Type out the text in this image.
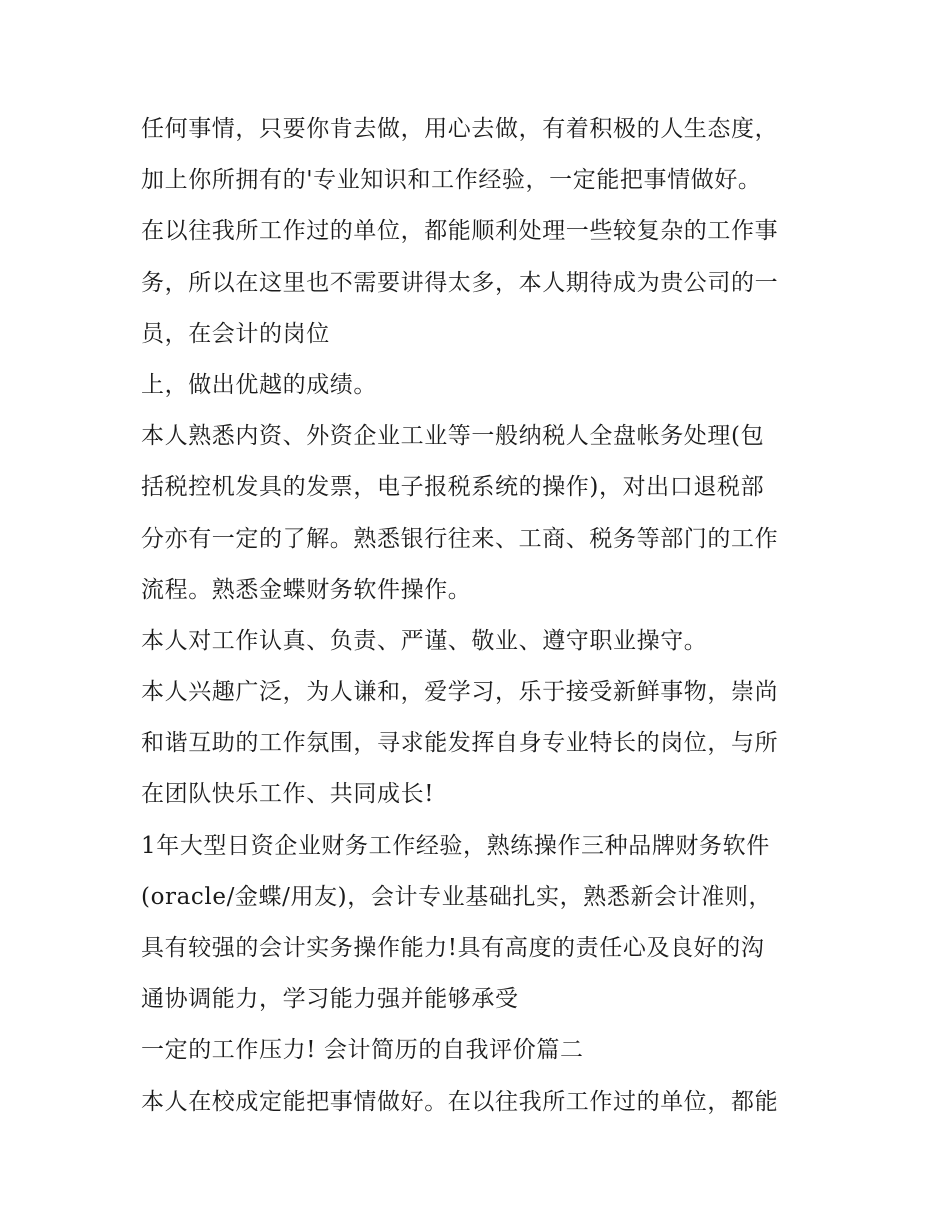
任何事情，只要你肯去做，用心去做，有着积极的人生态度，
加上你所拥有的'专业知识和工作经验，一定能把事情做好。
在以往我所工作过的单位，都能顺利处理一些较复杂的工作事
务，所以在这里也不需要讲得太多，本人期待成为贵公司的一
员，在会计的岗位
上，做出优越的成绩。
本人熟悉内资、外资企业工业等一般纳税人全盘帐务处理(包
括税控机发具的发票，电子报税系统的操作)，对出口退税部
分亦有一定的了解。熟悉银行往来、工商、税务等部门的工作
流程。熟悉金蝶财务软件操作。
本人对工作认真、负责、严谨、敬业、遵守职业操守。
本人兴趣广泛，为人谦和，爱学习，乐于接受新鲜事物，崇尚
和谐互助的工作氛围，寻求能发挥自身专业特长的岗位，与所
在团队快乐工作、共同成长!
1年大型日资企业财务工作经验，熟练操作三种品牌财务软件
(oracle/金蝶/用友)，会计专业基础扎实，熟悉新会计准则，
具有较强的会计实务操作能力!具有高度的责任心及良好的沟
通协调能力，学习能力强并能够承受
一定的工作压力! 会计简历的自我评价篇二
本人在校成定能把事情做好。在以往我所工作过的单位，都能
